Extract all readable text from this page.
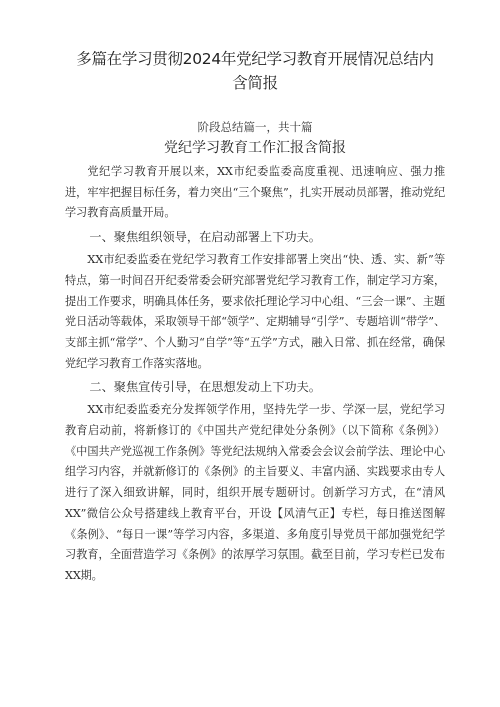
多篇在学习贯彻2024年党纪学习教育开展情况总结内
含简报
阶段总结篇一，共十篇
党纪学习教育工作汇报含简报

党纪学习教育开展以来，XX市纪委监委高度重视、迅速响应、强力推进，牢牢把握目标任务，着力突出“三个聚焦”，扎实开展动员部署，推动党纪学习教育高质量开局。

一、聚焦组织领导，在启动部署上下功夫。

XX市纪委监委在党纪学习教育工作安排部署上突出“快、透、实、新”等特点，第一时间召开纪委常委会研究部署党纪学习教育工作，制定学习方案，提出工作要求，明确具体任务，要求依托理论学习中心组、“三会一课”、主题党日活动等载体，采取领导干部“领学”、定期辅导“引学”、专题培训“带学”、支部主抓“常学”、个人勤习“自学”等“五学”方式，融入日常、抓在经常，确保党纪学习教育工作落实落地。

二、聚焦宣传引导，在思想发动上下功夫。

XX市纪委监委充分发挥领学作用，坚持先学一步、学深一层，党纪学习教育启动前，将新修订的《中国共产党纪律处分条例》（以下简称《条例》）《中国共产党巡视工作条例》等党纪法规纳入常委会会议会前学法、理论中心组学习内容，并就新修订的《条例》的主旨要义、丰富内涵、实践要求由专人进行了深入细致讲解，同时，组织开展专题研讨。创新学习方式，在“清风XX”微信公众号搭建线上教育平台，开设【风清气正】专栏，每日推送图解《条例》、“每日一课”等学习内容，多渠道、多角度引导党员干部加强党纪学习教育，全面营造学习《条例》的浓厚学习氛围。截至目前，学习专栏已发布XX期。
